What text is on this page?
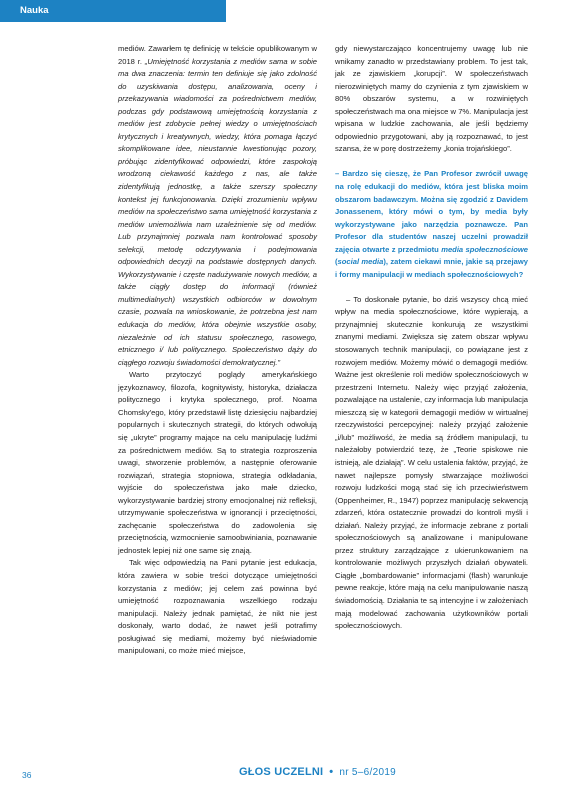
Nauka

mediów. Zawarłem tę definicję w tekście opublikowanym w 2018 r. „Umiejętność korzystania z mediów sama w sobie ma dwa znaczenia: termin ten definiuje się jako zdolność do uzyskiwania dostępu, analizowania, oceny i przekazywania wiadomości za pośrednictwem mediów, podczas gdy podstawową umiejętnością korzystania z mediów jest zdobycie pełnej wiedzy o umiejętnościach krytycznych i kreatywnych, wiedzy, która pomaga łączyć skomplikowane idee, nieustannie kwestionując pozory, próbując zidentyfikować odpowiedzi, które zaspokoją wrodzoną ciekawość każdego z nas, ale także zidentyfikują jednostkę, a także szerszy społeczny kontekst jej funkcjonowania. Dzięki zrozumieniu wpływu mediów na społeczeństwo sama umiejętność korzystania z mediów uniemożliwia nam uzależnienie się od mediów. Lub przynajmniej pozwala nam kontrolować sposoby selekcji, metodę odczytywania i podejmowania odpowiednich decyzji na podstawie dostępnych danych. Wykorzystywanie i częste nadużywanie nowych mediów, a także ciągły dostęp do informacji (również multimedialnych) wszystkich odbiorców w dowolnym czasie, pozwala na wnioskowanie, że potrzebna jest nam edukacja do mediów, która obejmie wszystkie osoby, niezależnie od ich statusu społecznego, rasowego, etnicznego i/ lub politycznego. Społeczeństwo dąży do ciągłego rozwoju świadomości demokratycznej.”

Warto przytoczyć poglądy amerykańskiego językoznawcy, filozofa, kognitywisty, historyka, działacza politycznego i krytyka społecznego, prof. Noama Chomsky'ego, który przedstawił listę dziesięciu najbardziej popularnych i skutecznych strategii, do których odwołują się „ukryte” programy mające na celu manipulację ludźmi za pośrednictwem mediów. Są to strategia rozproszenia uwagi, stworzenie problemów, a następnie oferowanie rozwiązań, strategia stopniowa, strategia odkładania, wyjście do społeczeństwa jako małe dziecko, wykorzystywanie bardziej strony emocjonalnej niż refleksji, utrzymywanie społeczeństwa w ignorancji i przeciętności, zachęcanie społeczeństwa do zadowolenia się przeciętnością, wzmocnienie samoobwiniania, poznawanie jednostek lepiej niż one same się znają.

Tak więc odpowiedzią na Pani pytanie jest edukacja, która zawiera w sobie treści dotyczące umiejętności korzystania z mediów; jej celem zaś powinna być umiejętność rozpoznawania wszelkiego rodzaju manipulacji. Należy jednak pamiętać, że nikt nie jest doskonały, warto dodać, że nawet jeśli potrafimy posługiwać się mediami, możemy być nieświadomie manipulowani, co może mieć miejsce,

gdy niewystarczająco koncentrujemy uwagę lub nie wnikamy zanadto w przedstawiany problem. To jest tak, jak ze zjawiskiem „korupcji”. W społeczeństwach nierozwiniętych mamy do czynienia z tym zjawiskiem w 80% obszarów systemu, a w rozwiniętych społeczeństwach ma ona miejsce w 7%. Manipulacja jest wpisana w ludzkie zachowania, ale jeśli będziemy odpowiednio przygotowani, aby ją rozpoznawać, to jest szansa, że w porę dostrzeżemy „konia trojańskiego”.

– Bardzo się cieszę, że Pan Profesor zwrócił uwagę na rolę edukacji do mediów, która jest bliska moim obszarom badawczym. Można się zgodzić z Davidem Jonassenem, który mówi o tym, by media były wykorzystywane jako narzędzia poznawcze. Pan Profesor dla studentów naszej uczelni prowadził zajęcia otwarte z przedmiotu media społecznościowe (social media), zatem ciekawi mnie, jakie są przejawy i formy manipulacji w mediach społecznościowych?

– To doskonałe pytanie, bo dziś wszyscy chcą mieć wpływ na media społecznościowe, które wypierają, a przynajmniej skutecznie konkurują ze wszystkimi znanymi mediami. Zwiększa się zatem obszar wpływu stosowanych technik manipulacji, co powiązane jest z rozwojem mediów. Możemy mówić o demagogii mediów. Ważne jest określenie roli mediów społecznościowych w przestrzeni Internetu. Należy więc przyjąć założenia, pozwalające na ustalenie, czy informacja lub manipulacja mieszczą się w kategorii demagogii mediów w wirtualnej rzeczywistości percepcyjnej: należy przyjąć założenie „i/lub” możliwość, że media są źródłem manipulacji, tu należałoby potwierdzić tezę, że „Teorie spiskowe nie istnieją, ale działają”. W celu ustalenia faktów, przyjąć, że nawet najlepsze pomysły stwarzające możliwości rozwoju ludzkości mogą stać się ich przeciwieństwem (Oppenheimer, R., 1947) poprzez manipulację sekwencją zdarzeń, która ostatecznie prowadzi do kontroli myśli i działań. Należy przyjąć, że informacje zebrane z portali społecznościowych są analizowane i manipulowane przez struktury zarządzające z ukierunkowaniem na kontrolowanie możliwych przyszłych działań obywateli. Ciągłe „bombardowanie” informacjami (flash) warunkuje pewne reakcje, które mają na celu manipulowanie naszą świadomością. Działania te są intencyjne i w założeniach mają modelować zachowania użytkowników portali społecznościowych.

36	GŁOS UCZELNI • nr 5–6/2019
